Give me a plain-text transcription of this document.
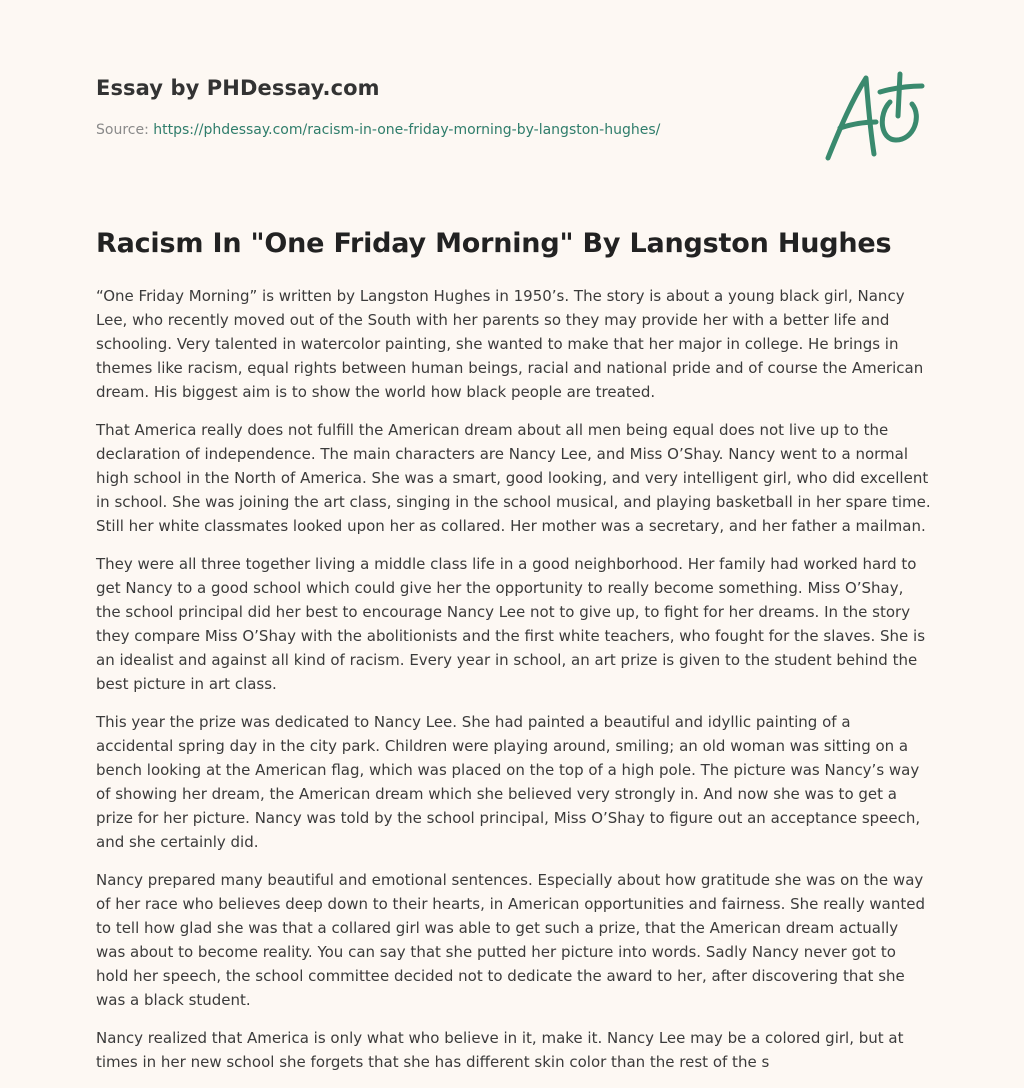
Essay by PHDessay.com
Source: https://phdessay.com/racism-in-one-friday-morning-by-langston-hughes/
Racism In "One Friday Morning" By Langston Hughes

“One Friday Morning” is written by Langston Hughes in 1950’s. The story is about a young black girl, Nancy Lee, who recently moved out of the South with her parents so they may provide her with a better life and schooling. Very talented in watercolor painting, she wanted to make that her major in college. He brings in themes like racism, equal rights between human beings, racial and national pride and of course the American dream. His biggest aim is to show the world how black people are treated.

That America really does not fulfill the American dream about all men being equal does not live up to the declaration of independence. The main characters are Nancy Lee, and Miss O’Shay. Nancy went to a normal high school in the North of America. She was a smart, good looking, and very intelligent girl, who did excellent in school. She was joining the art class, singing in the school musical, and playing basketball in her spare time. Still her white classmates looked upon her as collared. Her mother was a secretary, and her father a mailman.

They were all three together living a middle class life in a good neighborhood. Her family had worked hard to get Nancy to a good school which could give her the opportunity to really become something. Miss O’Shay, the school principal did her best to encourage Nancy Lee not to give up, to fight for her dreams. In the story they compare Miss O’Shay with the abolitionists and the first white teachers, who fought for the slaves. She is an idealist and against all kind of racism. Every year in school, an art prize is given to the student behind the best picture in art class.

This year the prize was dedicated to Nancy Lee. She had painted a beautiful and idyllic painting of a accidental spring day in the city park. Children were playing around, smiling; an old woman was sitting on a bench looking at the American flag, which was placed on the top of a high pole. The picture was Nancy’s way of showing her dream, the American dream which she believed very strongly in. And now she was to get a prize for her picture. Nancy was told by the school principal, Miss O’Shay to figure out an acceptance speech, and she certainly did.

Nancy prepared many beautiful and emotional sentences. Especially about how gratitude she was on the way of her race who believes deep down to their hearts, in American opportunities and fairness. She really wanted to tell how glad she was that a collared girl was able to get such a prize, that the American dream actually was about to become reality. You can say that she putted her picture into words. Sadly Nancy never got to hold her speech, the school committee decided not to dedicate the award to her, after discovering that she was a black student.

Nancy realized that America is only what who believe in it, make it. Nancy Lee may be a colored girl, but at times in her new school she forgets that she has different skin color than the rest of the s
